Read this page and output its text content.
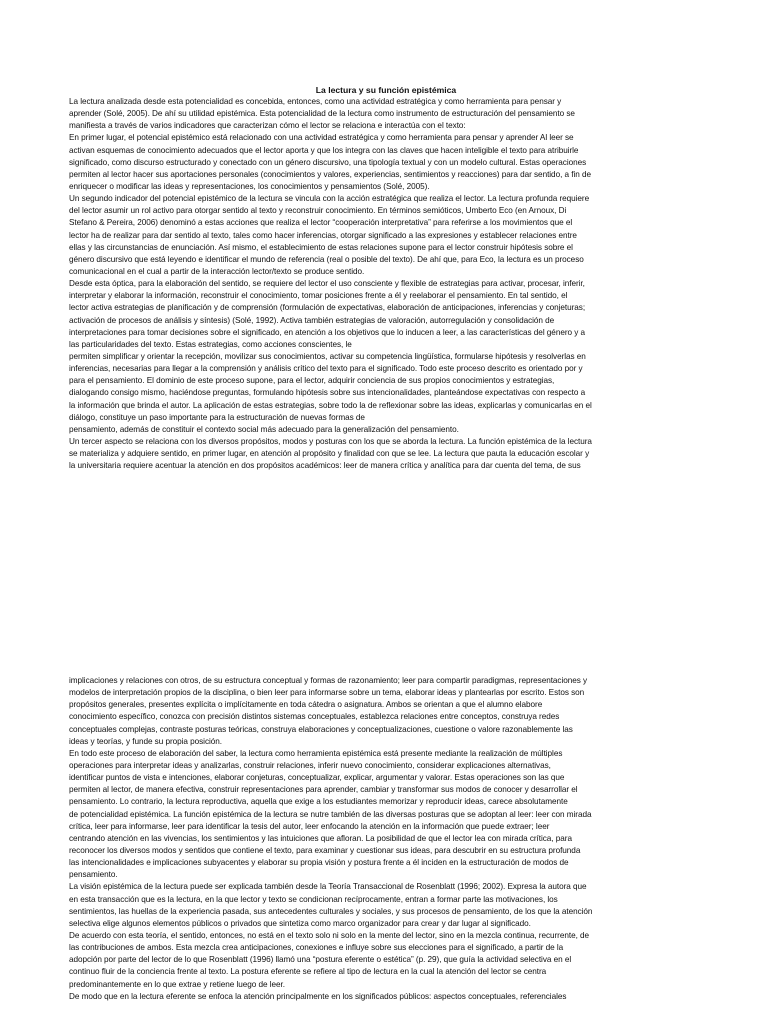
La lectura y su función epistémica
La lectura analizada desde esta potencialidad es concebida, entonces, como una actividad estratégica y como herramienta para pensar y
aprender (Solé, 2005). De ahí su utilidad epistémica. Esta potencialidad de la lectura como instrumento de estructuración del pensamiento se
manifiesta a través de varios indicadores que caracterizan cómo el lector se relaciona e interactúa con el texto:
En primer lugar, el potencial epistémico está relacionado con una actividad estratégica y como herramienta para pensar y aprender Al leer se
activan esquemas de conocimiento adecuados que el lector aporta y que los integra con las claves que hacen inteligible el texto para atribuirle
significado, como discurso estructurado y conectado con un género discursivo, una tipología textual y con un modelo cultural. Estas operaciones
permiten al lector hacer sus aportaciones personales (conocimientos y valores, experiencias, sentimientos y reacciones) para dar sentido, a fin de
enriquecer o modificar las ideas y representaciones, los conocimientos y pensamientos (Solé, 2005).
Un segundo indicador del potencial epistémico de la lectura se vincula con la acción estratégica que realiza el lector. La lectura profunda requiere
del lector asumir un rol activo para otorgar sentido al texto y reconstruir conocimiento. En términos semióticos, Umberto Eco (en Arnoux, Di
Stefano & Pereira, 2006) denominó a estas acciones que realiza el lector “cooperación interpretativa” para referirse a los movimientos que el
lector ha de realizar para dar sentido al texto, tales como hacer inferencias, otorgar significado a las expresiones y establecer relaciones entre
ellas y las circunstancias de enunciación. Así mismo, el establecimiento de estas relaciones supone para el lector construir hipótesis sobre el
género discursivo que está leyendo e identificar el mundo de referencia (real o posible del texto). De ahí que, para Eco, la lectura es un proceso
comunicacional en el cual a partir de la interacción lector/texto se produce sentido.
Desde esta óptica, para la elaboración del sentido, se requiere del lector el uso consciente y flexible de estrategias para activar, procesar, inferir,
interpretar y elaborar la información, reconstruir el conocimiento, tomar posiciones frente a él y reelaborar el pensamiento. En tal sentido, el
lector activa estrategias de planificación y de comprensión (formulación de expectativas, elaboración de anticipaciones, inferencias y conjeturas;
activación de procesos de análisis y síntesis) (Solé, 1992). Activa también estrategias de valoración, autorregulación y consolidación de
interpretaciones para tomar decisiones sobre el significado, en atención a los objetivos que lo inducen a leer, a las características del género y a
las particularidades del texto. Estas estrategias, como acciones conscientes, le
permiten simplificar y orientar la recepción, movilizar sus conocimientos, activar su competencia lingüística, formularse hipótesis y resolverlas en
inferencias, necesarias para llegar a la comprensión y análisis crítico del texto para el significado. Todo este proceso descrito es orientado por y
para el pensamiento. El dominio de este proceso supone, para el lector, adquirir conciencia de sus propios conocimientos y estrategias,
dialogando consigo mismo, haciéndose preguntas, formulando hipótesis sobre sus intencionalidades, planteándose expectativas con respecto a
la información que brinda el autor. La aplicación de estas estrategias, sobre todo la de reflexionar sobre las ideas, explicarlas y comunicarlas en el
diálogo, constituye un paso importante para la estructuración de nuevas formas de
pensamiento, además de constituir el contexto social más adecuado para la generalización del pensamiento.
Un tercer aspecto se relaciona con los diversos propósitos, modos y posturas con los que se aborda la lectura. La función epistémica de la lectura
se materializa y adquiere sentido, en primer lugar, en atención al propósito y finalidad con que se lee. La lectura que pauta la educación escolar y
la universitaria requiere acentuar la atención en dos propósitos académicos: leer de manera crítica y analítica para dar cuenta del tema, de sus
implicaciones y relaciones con otros, de su estructura conceptual y formas de razonamiento; leer para compartir paradigmas, representaciones y
modelos de interpretación propios de la disciplina, o bien leer para informarse sobre un tema, elaborar ideas y plantearlas por escrito. Estos son
propósitos generales, presentes explícita o implícitamente en toda cátedra o asignatura. Ambos se orientan a que el alumno elabore
conocimiento específico, conozca con precisión distintos sistemas conceptuales, establezca relaciones entre conceptos, construya redes
conceptuales complejas, contraste posturas teóricas, construya elaboraciones y conceptualizaciones, cuestione o valore razonablemente las
ideas y teorías, y funde su propia posición.
En todo este proceso de elaboración del saber, la lectura como herramienta epistémica está presente mediante la realización de múltiples
operaciones para interpretar ideas y analizarlas, construir relaciones, inferir nuevo conocimiento, considerar explicaciones alternativas,
identificar puntos de vista e intenciones, elaborar conjeturas, conceptualizar, explicar, argumentar y valorar. Estas operaciones son las que
permiten al lector, de manera efectiva, construir representaciones para aprender, cambiar y transformar sus modos de conocer y desarrollar el
pensamiento. Lo contrario, la lectura reproductiva, aquella que exige a los estudiantes memorizar y reproducir ideas, carece absolutamente
de potencialidad epistémica. La función epistémica de la lectura se nutre también de las diversas posturas que se adoptan al leer: leer con mirada
crítica, leer para informarse, leer para identificar la tesis del autor, leer enfocando la atención en la información que puede extraer; leer
centrando atención en las vivencias, los sentimientos y las intuiciones que afloran. La posibilidad de que el lector lea con mirada crítica, para
reconocer los diversos modos y sentidos que contiene el texto, para examinar y cuestionar sus ideas, para descubrir en su estructura profunda
las intencionalidades e implicaciones subyacentes y elaborar su propia visión y postura frente a él inciden en la estructuración de modos de
pensamiento.
La visión epistémica de la lectura puede ser explicada también desde la Teoría Transaccional de Rosenblatt (1996; 2002). Expresa la autora que
en esta transacción que es la lectura, en la que lector y texto se condicionan recíprocamente, entran a formar parte las motivaciones, los
sentimientos, las huellas de la experiencia pasada, sus antecedentes culturales y sociales, y sus procesos de pensamiento, de los que la atención
selectiva elige algunos elementos públicos o privados que sintetiza como marco organizador para crear y dar lugar al significado.
De acuerdo con esta teoría, el sentido, entonces, no está en el texto solo ni solo en la mente del lector, sino en la mezcla continua, recurrente, de
las contribuciones de ambos. Esta mezcla crea anticipaciones, conexiones e influye sobre sus elecciones para el significado, a partir de la
adopción por parte del lector de lo que Rosenblatt (1996) llamó una “postura eferente o estética” (p. 29), que guía la actividad selectiva en el
continuo fluir de la conciencia frente al texto. La postura eferente se refiere al tipo de lectura en la cual la atención del lector se centra
predominantemente en lo que extrae y retiene luego de leer.
De modo que en la lectura eferente se enfoca la atención principalmente en los significados públicos: aspectos conceptuales, referenciales
